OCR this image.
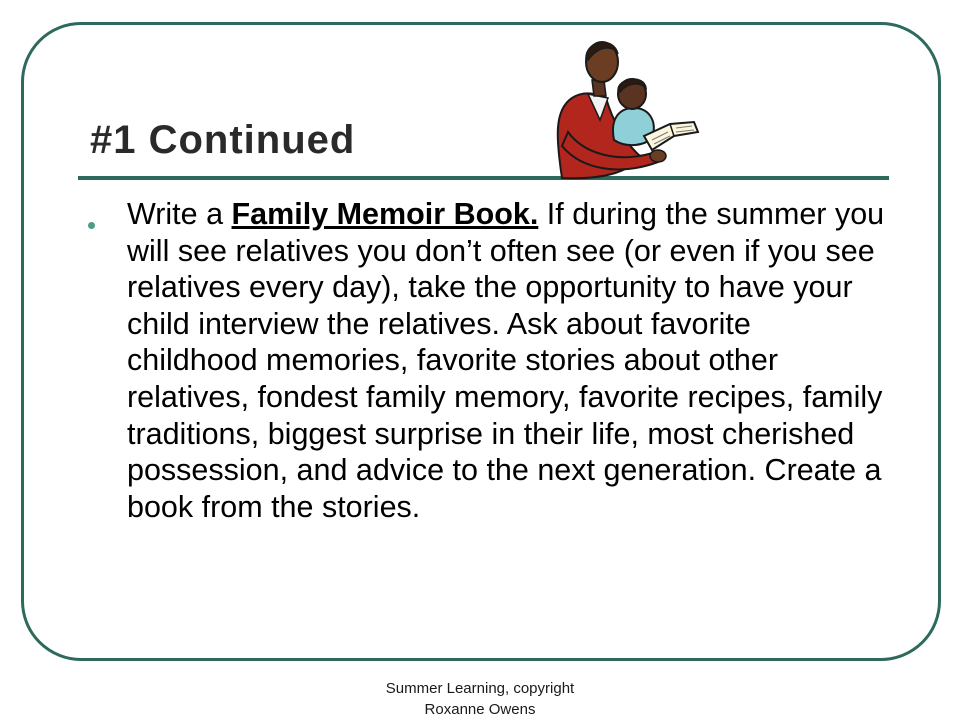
#1 Continued

Write a Family Memoir Book. If during the summer you will see relatives you don’t often see (or even if you see relatives every day), take the opportunity to have your child interview the relatives. Ask about favorite childhood memories, favorite stories about other relatives, fondest family memory, favorite recipes, family traditions, biggest surprise in their life, most cherished possession, and advice to the next generation. Create a book from the stories.

Summer Learning, copyright
Roxanne Owens
